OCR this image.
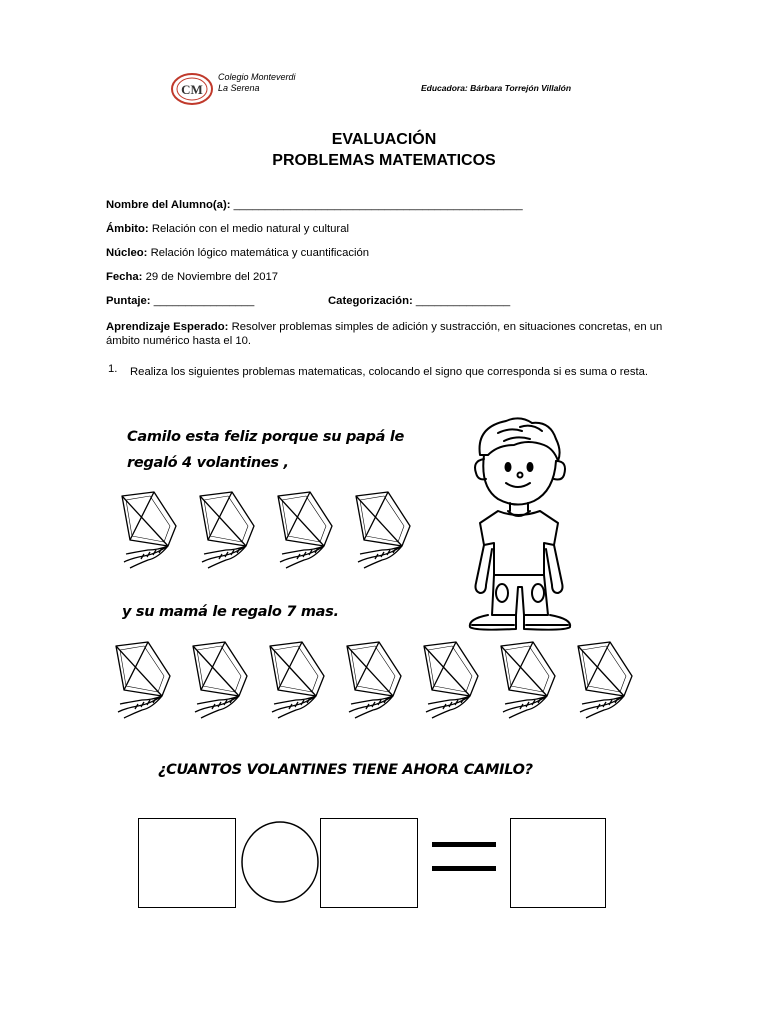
CM
Colegio Monteverdi
La Serena	Educadora: Bárbara Torrejón Villalón
EVALUACIÓN
PROBLEMAS MATEMATICOS
Nombre del Alumno(a): ______________________________________________
Ámbito: Relación con el medio natural y cultural
Núcleo: Relación lógico matemática y cuantificación
Fecha: 29 de Noviembre del 2017
Puntaje: ________________	Categorización: _______________
Aprendizaje Esperado: Resolver problemas simples de adición y sustracción, en situaciones concretas, en un ámbito numérico hasta el 10.
1. Realiza los siguientes problemas matematicas, colocando el signo que corresponda si es suma o resta.
Camilo esta feliz porque su papá le
regaló 4 volantines ,
y su mamá le regalo 7 mas.
¿CUANTOS VOLANTINES TIENE AHORA CAMILO?
